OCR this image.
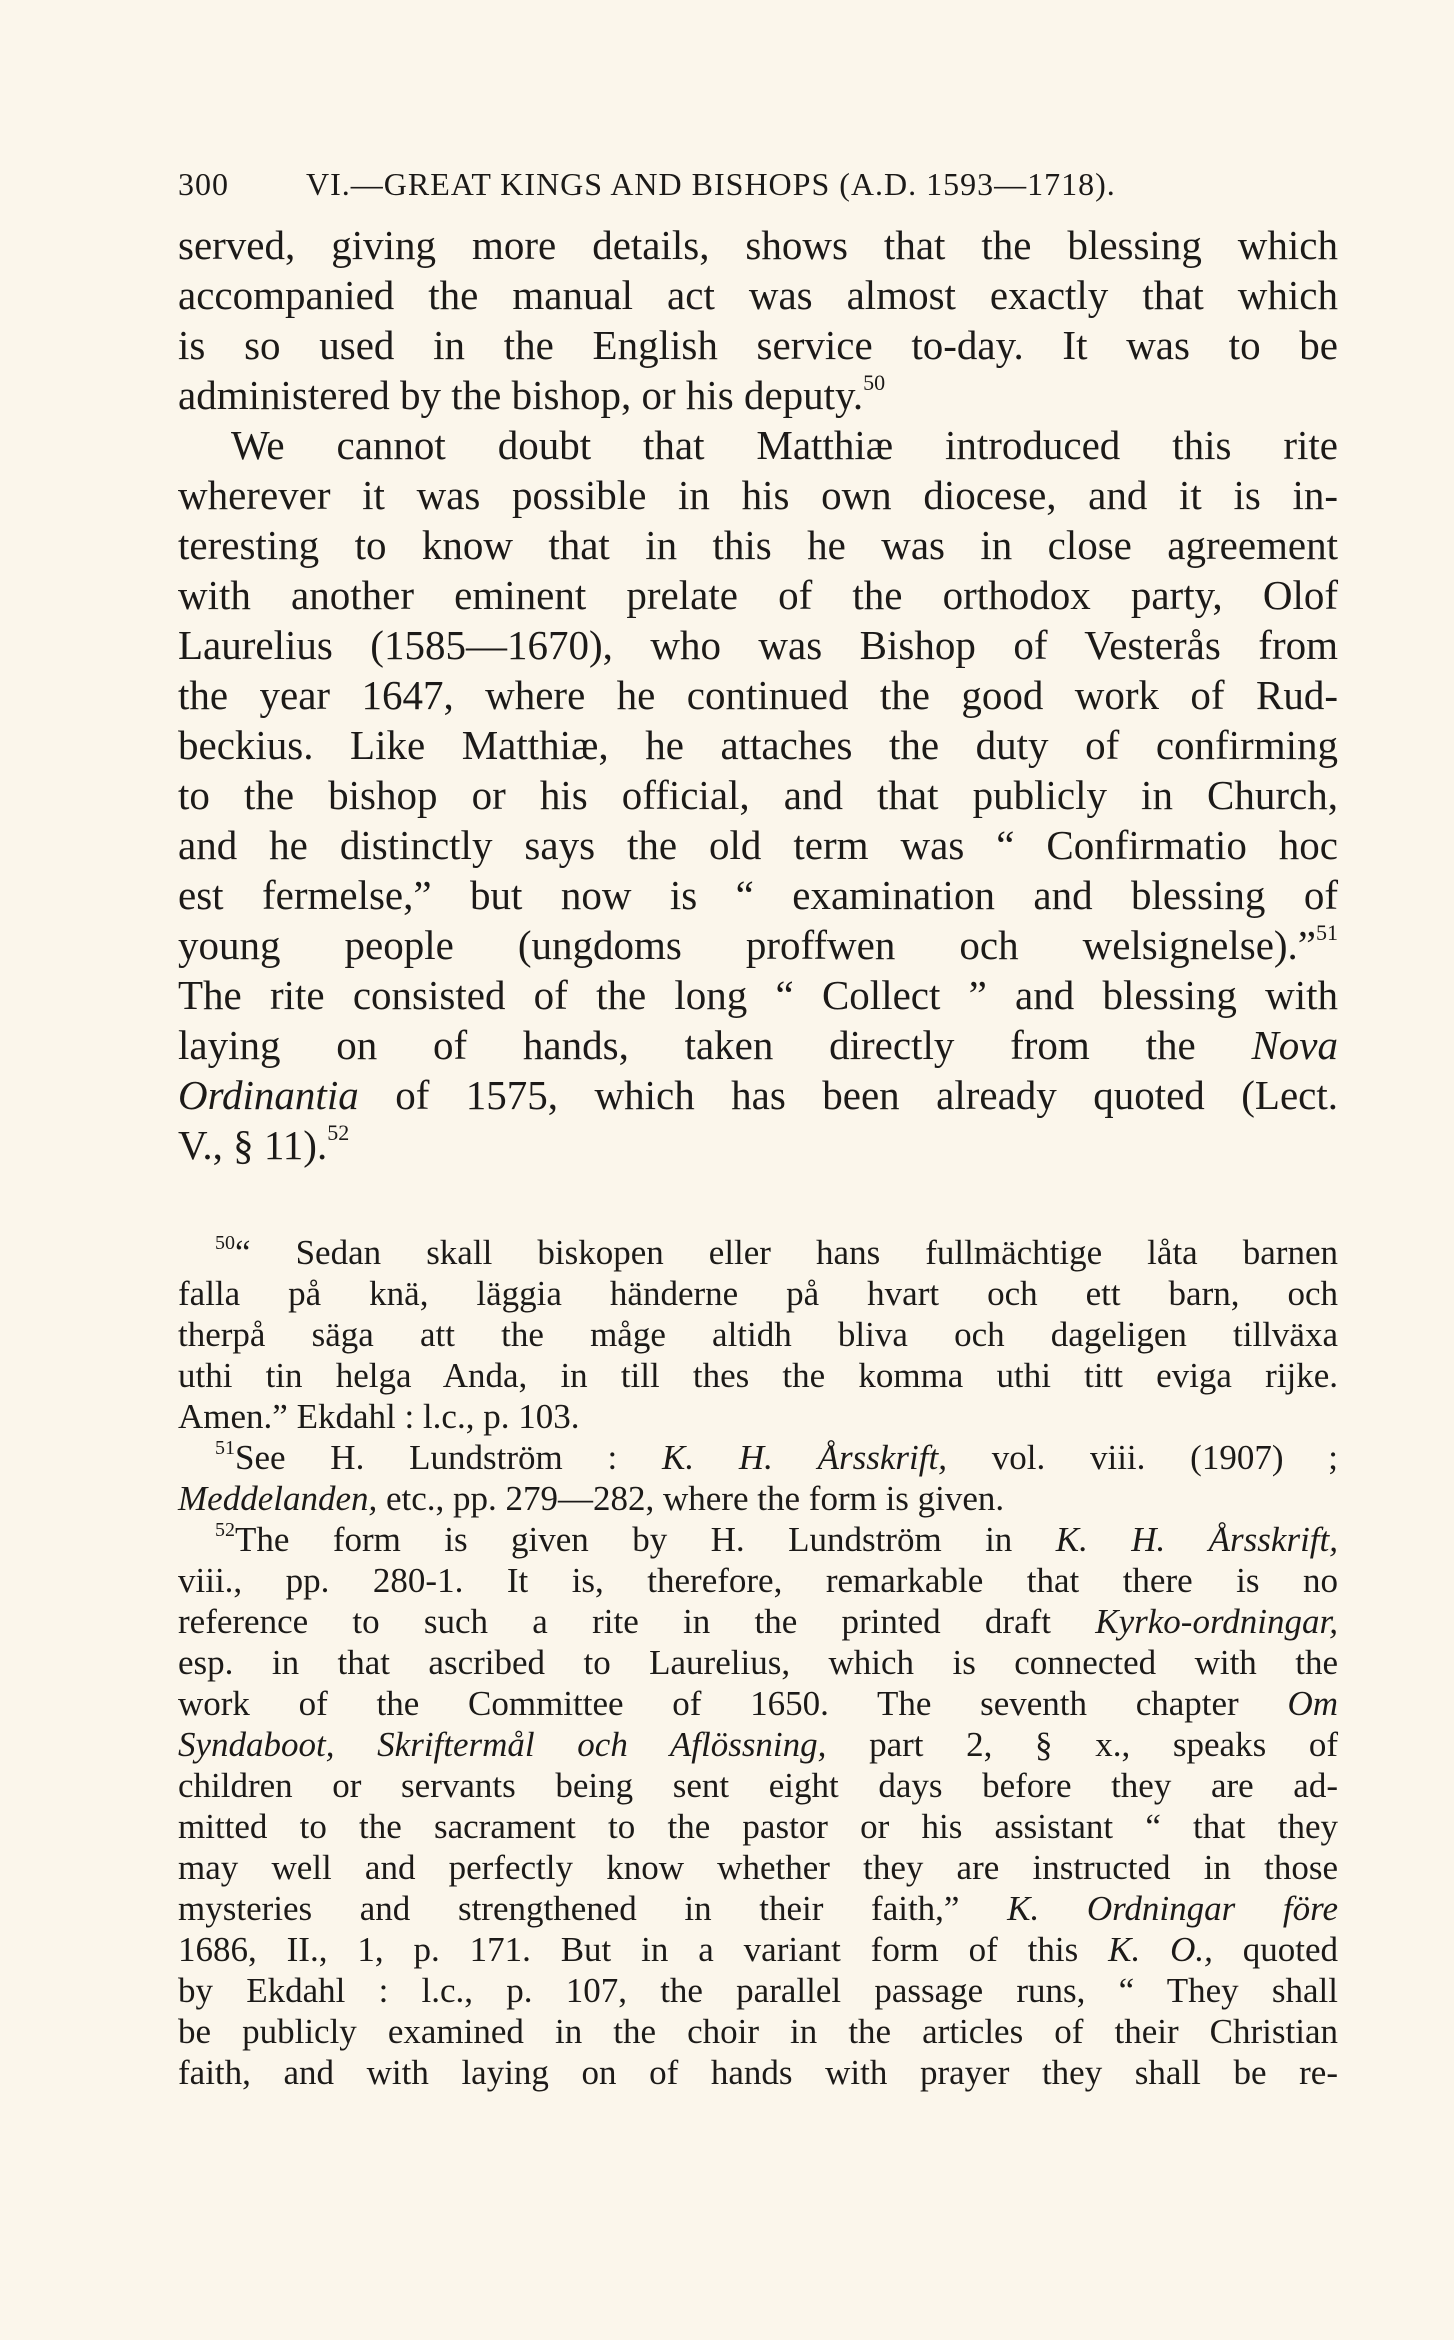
300 VI.—GREAT KINGS AND BISHOPS (A.D. 1593—1718).
served, giving more details, shows that the blessing which
accompanied the manual act was almost exactly that which
is so used in the English service to-day. It was to be
administered by the bishop, or his deputy.$^{50}$
We cannot doubt that Matthiæ introduced this rite
wherever it was possible in his own diocese, and it is in-
teresting to know that in this he was in close agreement
with another eminent prelate of the orthodox party, Olof
Laurelius (1585—1670), who was Bishop of Vesterås from
the year 1647, where he continued the good work of Rud-
beckius. Like Matthiæ, he attaches the duty of confirming
to the bishop or his official, and that publicly in Church,
and he distinctly says the old term was “ Confirmatio hoc
est fermelse,” but now is “ examination and blessing of
young people (ungdoms proffwen och welsignelse).”$^{51}$
The rite consisted of the long “ Collect ” and blessing with
laying on of hands, taken directly from the Nova
Ordinantia of 1575, which has been already quoted (Lect.
V., § 11).$^{52}$
$^{50}$“ Sedan skall biskopen eller hans fullmächtige låta barnen
falla på knä, läggia händerne på hvart och ett barn, och
therpå säga att the måge altidh bliva och dageligen tillväxa
uthi tin helga Anda, in till thes the komma uthi titt eviga rijke.
Amen.” Ekdahl : l.c., p. 103.
$^{51}$See H. Lundström : K. H. Årsskrift, vol. viii. (1907) ;
Meddelanden, etc., pp. 279—282, where the form is given.
$^{52}$The form is given by H. Lundström in K. H. Årsskrift,
viii., pp. 280-1. It is, therefore, remarkable that there is no
reference to such a rite in the printed draft Kyrko-ordningar,
esp. in that ascribed to Laurelius, which is connected with the
work of the Committee of 1650. The seventh chapter Om
Syndaboot, Skriftermål och Aflössning, part 2, § x., speaks of
children or servants being sent eight days before they are ad-
mitted to the sacrament to the pastor or his assistant “ that they
may well and perfectly know whether they are instructed in those
mysteries and strengthened in their faith,” K. Ordningar före
1686, II., 1, p. 171. But in a variant form of this K. O., quoted
by Ekdahl : l.c., p. 107, the parallel passage runs, “ They shall
be publicly examined in the choir in the articles of their Christian
faith, and with laying on of hands with prayer they shall be re-
